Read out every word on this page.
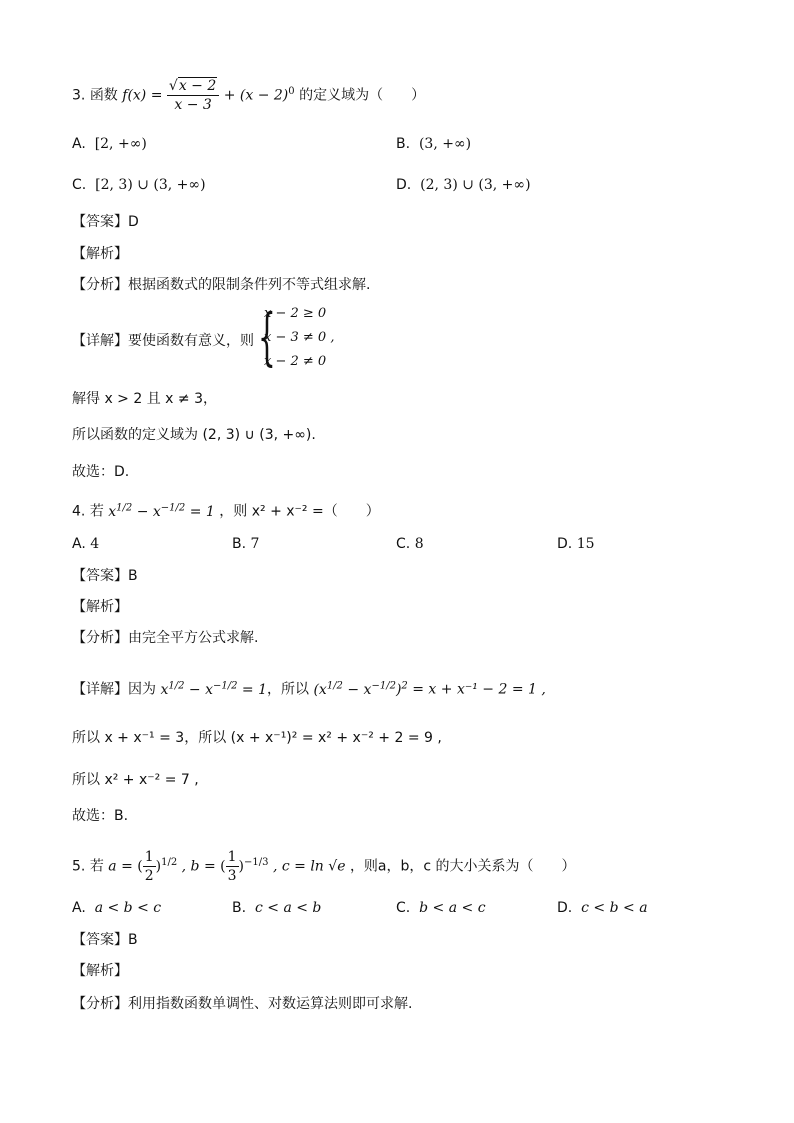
3. 函数 $f(x) = \frac{√x - 2}{x - 3} + (x - 2)^0$ 的定义域为（　　）
A. [2, +∞)	B. (3, +∞)
C. [2, 3) ∪ (3, +∞)	D. (2, 3) ∪ (3, +∞)
【答案】D
【解析】
【分析】根据函数式的限制条件列不等式组求解.
【详解】要使函数有意义，则 {
x − 2 ≥ 0
x − 3 ≠ 0 ,
x − 2 ≠ 0
解得 x > 2 且 x ≠ 3，
所以函数的定义域为 (2, 3) ∪ (3, +∞).
故选：D.
4. 若 $x^{1/2} - x^{-1/2} = 1$ ，则 x² + x⁻² =（　　）
A. 4	B. 7	C. 8	D. 15
【答案】B
【解析】
【分析】由完全平方公式求解.
【详解】因为 $x^{1/2} - x^{-1/2} = 1$，所以 $(x^{1/2} - x^{-1/2})^2 = x + x^{-1} - 2 = 1$ ,
所以 x + x⁻¹ = 3，所以 (x + x⁻¹)² = x² + x⁻² + 2 = 9 ,
所以 x² + x⁻² = 7 ,
故选：B.
5. 若 a = ( $\frac{1}{2} )^{1/2}$ , b = ( $\frac{1}{3} )^{-1/3}$ , c = ln √e ，则a，b，c 的大小关系为（　　）
A. a < b < c	B. c < a < b	C. b < a < c	D. c < b < a
【答案】B
【解析】
【分析】利用指数函数单调性、对数运算法则即可求解.
